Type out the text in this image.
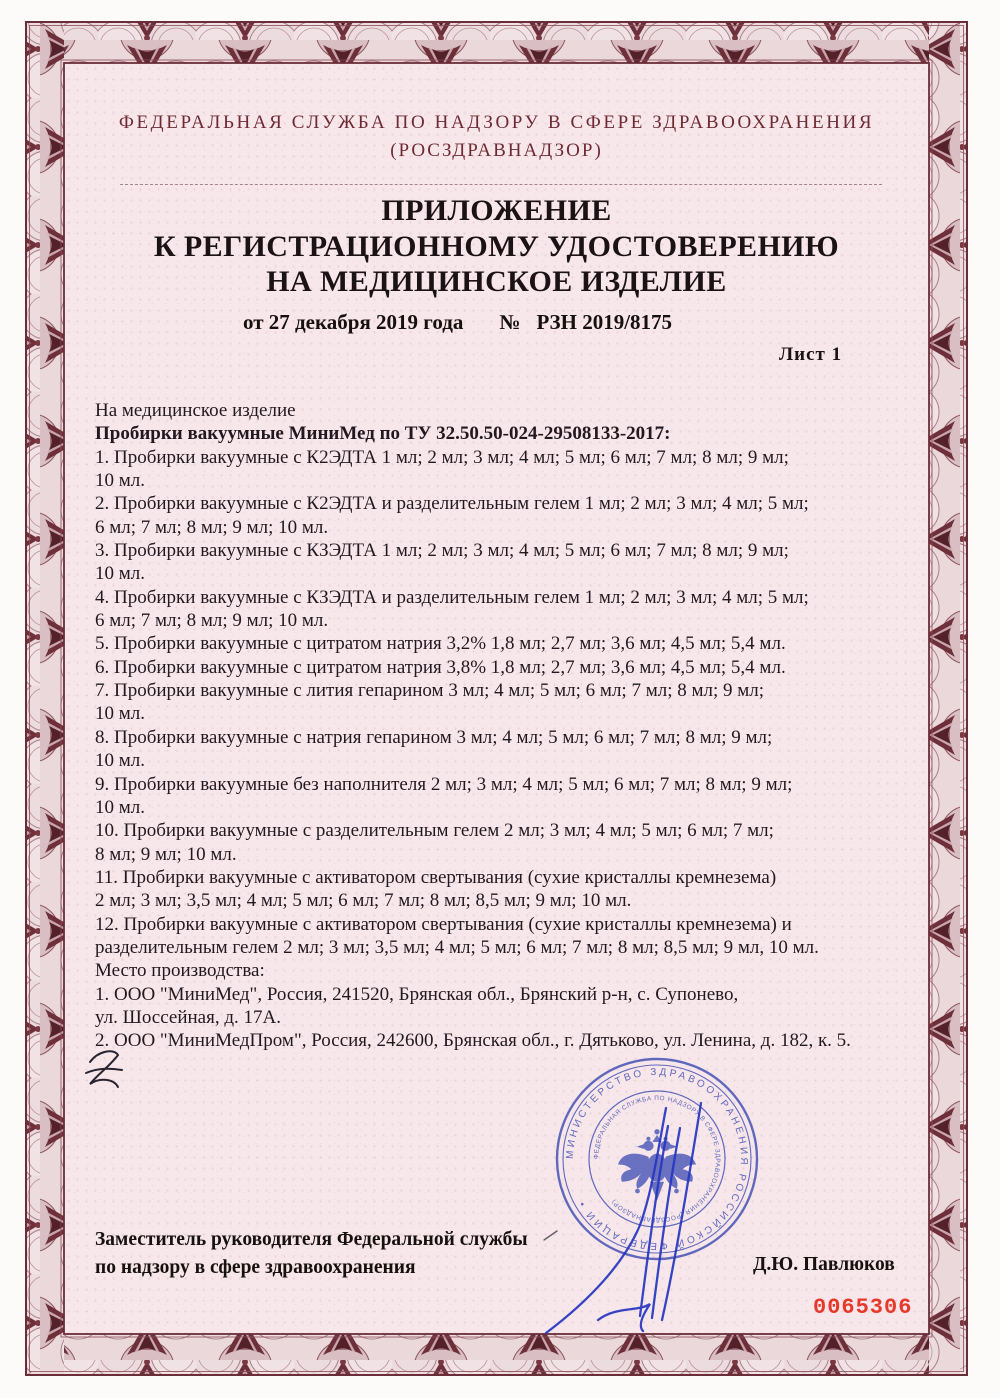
ФЕДЕРАЛЬНАЯ СЛУЖБА ПО НАДЗОРУ В СФЕРЕ ЗДРАВООХРАНЕНИЯ
(РОСЗДРАВНАДЗОР)
ПРИЛОЖЕНИЕ
К РЕГИСТРАЦИОННОМУ УДОСТОВЕРЕНИЮ
НА МЕДИЦИНСКОЕ ИЗДЕЛИЕ
от 27 декабря 2019 года № РЗН 2019/8175
Лист 1
На медицинское изделие
Пробирки вакуумные МиниМед по ТУ 32.50.50-024-29508133-2017:
1. Пробирки вакуумные с К2ЭДТА 1 мл; 2 мл; 3 мл; 4 мл; 5 мл; 6 мл; 7 мл; 8 мл; 9 мл;
10 мл.
2. Пробирки вакуумные с К2ЭДТА и разделительным гелем 1 мл; 2 мл; 3 мл; 4 мл; 5 мл;
6 мл; 7 мл; 8 мл; 9 мл; 10 мл.
3. Пробирки вакуумные с КЗЭДТА 1 мл; 2 мл; 3 мл; 4 мл; 5 мл; 6 мл; 7 мл; 8 мл; 9 мл;
10 мл.
4. Пробирки вакуумные с КЗЭДТА и разделительным гелем 1 мл; 2 мл; 3 мл; 4 мл; 5 мл;
6 мл; 7 мл; 8 мл; 9 мл; 10 мл.
5. Пробирки вакуумные с цитратом натрия 3,2% 1,8 мл; 2,7 мл; 3,6 мл; 4,5 мл; 5,4 мл.
6. Пробирки вакуумные с цитратом натрия 3,8% 1,8 мл; 2,7 мл; 3,6 мл; 4,5 мл; 5,4 мл.
7. Пробирки вакуумные с лития гепарином 3 мл; 4 мл; 5 мл; 6 мл; 7 мл; 8 мл; 9 мл;
10 мл.
8. Пробирки вакуумные с натрия гепарином 3 мл; 4 мл; 5 мл; 6 мл; 7 мл; 8 мл; 9 мл;
10 мл.
9. Пробирки вакуумные без наполнителя 2 мл; 3 мл; 4 мл; 5 мл; 6 мл; 7 мл; 8 мл; 9 мл;
10 мл.
10. Пробирки вакуумные с разделительным гелем 2 мл; 3 мл; 4 мл; 5 мл; 6 мл; 7 мл;
8 мл; 9 мл; 10 мл.
11. Пробирки вакуумные с активатором свертывания (сухие кристаллы кремнезема)
2 мл; 3 мл; 3,5 мл; 4 мл; 5 мл; 6 мл; 7 мл; 8 мл; 8,5 мл; 9 мл; 10 мл.
12. Пробирки вакуумные с активатором свертывания (сухие кристаллы кремнезема) и
разделительным гелем 2 мл; 3 мл; 3,5 мл; 4 мл; 5 мл; 6 мл; 7 мл; 8 мл; 8,5 мл; 9 мл, 10 мл.
Место производства:
1. ООО "МиниМед", Россия, 241520, Брянская обл., Брянский р-н, с. Супонево,
ул. Шоссейная, д. 17А.
2. ООО "МиниМедПром", Россия, 242600, Брянская обл., г. Дятьково, ул. Ленина, д. 182, к. 5.
Заместитель руководителя Федеральной службы
по надзору в сфере здравоохранения	Д.Ю. Павлюков
0065306
МИНИСТЕРСТВО ЗДРАВООХРАНЕНИЯ РОССИЙСКОЙ ФЕДЕРАЦИИ •
ФЕДЕРАЛЬНАЯ СЛУЖБА ПО НАДЗОРУ В СФЕРЕ ЗДРАВООХРАНЕНИЯ (РОСЗДРАВНАДЗОР)
